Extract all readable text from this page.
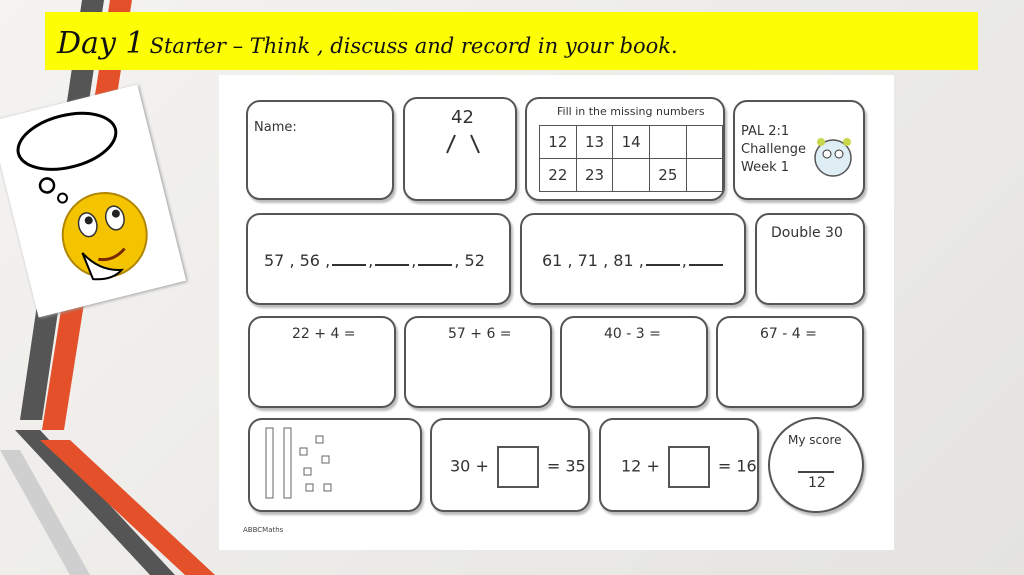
Day 1 Starter – Think , discuss and record in your book.
Name:	42	Fill in the missing numbers
12	13	14		
22	23		25	
PAL 2:1
Challenge
Week 1
57 , 56 , , , , 52	61 , 71 , 81 , ,
Double 30
22 + 4 =	57 + 6 =	40 - 3 =	67 - 4 =
30 +	= 35 12 +	= 16
My score
12
ABBCMaths
